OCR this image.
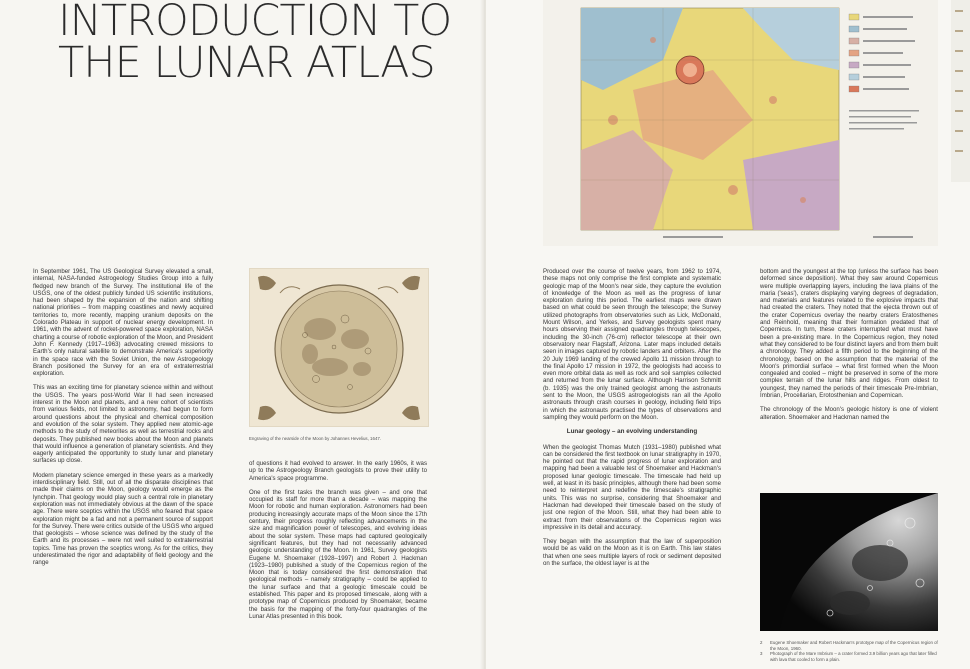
INTRODUCTION TO
THE LUNAR ATLAS

In September 1961, The US Geological Survey elevated a small, internal, NASA-funded Astrogeology Studies Group into a fully fledged new branch of the Survey. The institutional life of the USGS, one of the oldest publicly funded US scientific institutions, had been shaped by the expansion of the nation and shifting national priorities – from mapping coastlines and newly acquired territories to, more recently, mapping uranium deposits on the Colorado Plateau in support of nuclear energy development. In 1961, with the advent of rocket-powered space exploration, NASA charting a course of robotic exploration of the Moon, and President John F. Kennedy (1917–1963) advocating crewed missions to Earth's only natural satellite to demonstrate America's superiority in the space race with the Soviet Union, the new Astrogeology Branch positioned the Survey for an era of extraterrestrial exploration.

This was an exciting time for planetary science within and without the USGS. The years post-World War II had seen increased interest in the Moon and planets, and a new cohort of scientists from various fields, not limited to astronomy, had begun to form around questions about the physical and chemical composition and evolution of the solar system. They applied new atomic-age methods to the study of meteorites as well as terrestrial rocks and deposits. They published new books about the Moon and planets that would influence a generation of planetary scientists. And they eagerly anticipated the opportunity to study lunar and planetary surfaces up close.

Modern planetary science emerged in these years as a markedly interdisciplinary field. Still, out of all the disparate disciplines that made their claims on the Moon, geology would emerge as the lynchpin. That geology would play such a central role in planetary exploration was not immediately obvious at the dawn of the space age. There were sceptics within the USGS who feared that space exploration might be a fad and not a permanent source of support for the Survey. There were critics outside of the USGS who argued that geologists – whose science was defined by the study of the Earth and its processes – were not well suited to extraterrestrial topics. Time has proven the sceptics wrong. As for the critics, they underestimated the rigor and adaptability of field geology and the range

Engraving of the nearside of the Moon by Johannes Hevelius, 1647.

of questions it had evolved to answer. In the early 1960s, it was up to the Astrogeology Branch geologists to prove their utility to America's space programme.

One of the first tasks the branch was given – and one that occupied its staff for more than a decade – was mapping the Moon for robotic and human exploration. Astronomers had been producing increasingly accurate maps of the Moon since the 17th century, their progress roughly reflecting advancements in the size and magnification power of telescopes, and evolving ideas about the solar system. These maps had captured geologically significant features, but they had not necessarily advanced geologic understanding of the Moon. In 1961, Survey geologists Eugene M. Shoemaker (1928–1997) and Robert J. Hackman (1923–1980) published a study of the Copernicus region of the Moon that is today considered the first demonstration that geological methods – namely stratigraphy – could be applied to the lunar surface and that a geologic timescale could be established. This paper and its proposed timescale, along with a prototype map of Copernicus produced by Shoemaker, became the basis for the mapping of the forty-four quadrangles of the Lunar Atlas presented in this book.

Produced over the course of twelve years, from 1962 to 1974, these maps not only comprise the first complete and systematic geologic map of the Moon's near side, they capture the evolution of knowledge of the Moon as well as the progress of lunar exploration during this period. The earliest maps were drawn based on what could be seen through the telescope; the Survey utilized photographs from observatories such as Lick, McDonald, Mount Wilson, and Yerkes, and Survey geologists spent many hours observing their assigned quadrangles through telescopes, including the 30-inch (76-cm) reflector telescope at their own observatory near Flagstaff, Arizona. Later maps included details seen in images captured by robotic landers and orbiters. After the 20 July 1969 landing of the crewed Apollo 11 mission through to the final Apollo 17 mission in 1972, the geologists had access to even more orbital data as well as rock and soil samples collected and returned from the lunar surface. Although Harrison Schmitt (b. 1935) was the only trained geologist among the astronauts sent to the Moon, the USGS astrogeologists ran all the Apollo astronauts through crash courses in geology, including field trips in which the astronauts practised the types of observations and sampling they would perform on the Moon.

Lunar geology – an evolving understanding

When the geologist Thomas Mutch (1931–1980) published what can be considered the first textbook on lunar stratigraphy in 1970, he pointed out that the rapid progress of lunar exploration and mapping had been a valuable test of Shoemaker and Hackman's proposed lunar geologic timescale. The timescale had held up well, at least in its basic principles, although there had been some need to reinterpret and redefine the timescale's stratigraphic units. This was no surprise, considering that Shoemaker and Hackman had developed their timescale based on the study of just one region of the Moon. Still, what they had been able to extract from their observations of the Copernicus region was impressive in its detail and accuracy.

They began with the assumption that the law of superposition would be as valid on the Moon as it is on Earth. This law states that when one sees multiple layers of rock or sediment deposited on the surface, the oldest layer is at the

bottom and the youngest at the top (unless the surface has been deformed since deposition). What they saw around Copernicus were multiple overlapping layers, including the lava plains of the maria ('seas'), craters displaying varying degrees of degradation, and materials and features related to the explosive impacts that had created the craters. They noted that the ejecta thrown out of the crater Copernicus overlay the nearby craters Eratosthenes and Reinhold, meaning that their formation predated that of Copernicus. In turn, these craters interrupted what must have been a pre-existing mare. In the Copernicus region, they noted what they considered to be four distinct layers and from them built a chronology. They added a fifth period to the beginning of the chronology, based on the assumption that the material of the Moon's primordial surface – what first formed when the Moon congealed and cooled – might be preserved in some of the more complex terrain of the lunar hills and ridges. From oldest to youngest, they named the periods of their timescale Pre-Imbrian, Imbrian, Procellarian, Erotosthenian and Copernican.

The chronology of the Moon's geologic history is one of violent alteration. Shoemaker and Hackman named the

2 Eugene Shoemaker and Robert Hackman's prototype map of the Copernicus region of the Moon, 1960.
3 Photograph of the Mare Imbrium – a crater formed 3.9 billion years ago that later filled with lava that cooled to form a plain.
